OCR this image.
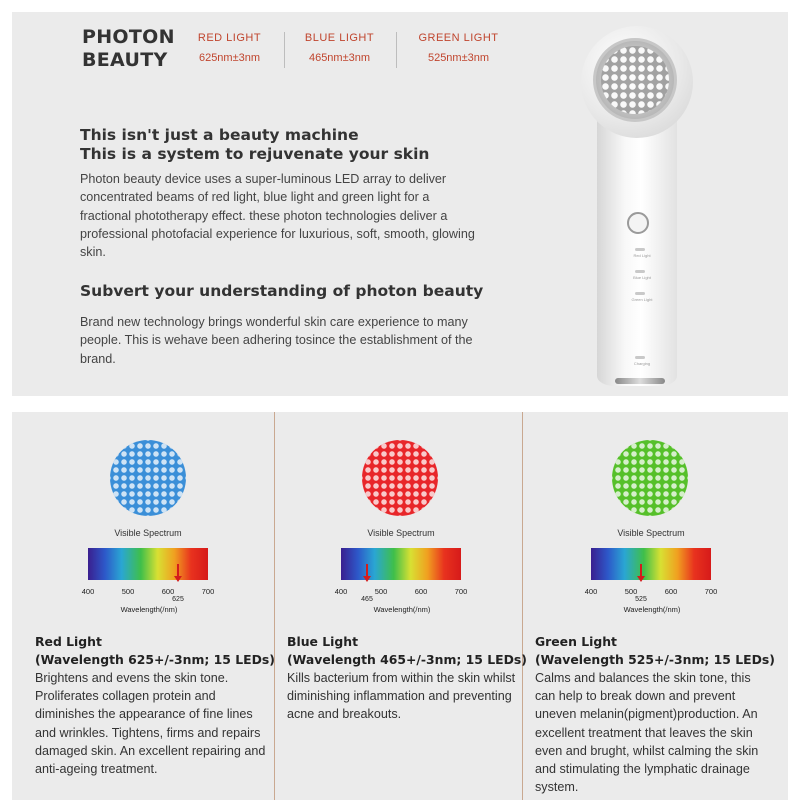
PHOTON
BEAUTY
RED LIGHT
625nm±3nm
BLUE LIGHT
465nm±3nm
GREEN LIGHT
525nm±3nm
This isn't just a beauty machine
This is a system to rejuvenate your skin

Photon beauty device uses a super-luminous LED array to deliver concentrated beams of red light, blue light and green light for a fractional phototherapy effect. these photon technologies deliver a professional photofacial experience for luxurious, soft, smooth, glowing skin.

Subvert your understanding of photon beauty

Brand new technology brings wonderful skin care experience to many people. This is wehave been adhering tosince the establishment of the brand.

Red Light
Blue Light
Green Light
Charging
Visible Spectrum
400	500	600	700
Wavelength(/nm)
Red Light
(Wavelength 625+/-3nm; 15 LEDs)

Brightens and evens the skin tone. Proliferates collagen protein and diminishes the appearance of fine lines and wrinkles. Tightens, firms and repairs damaged skin. An excellent repairing and anti-ageing treatment.

Visible Spectrum
400	500	600	700
Wavelength(/nm)
Blue Light
(Wavelength 465+/-3nm; 15 LEDs)

Kills bacterium from within the skin whilst diminishing inflammation and preventing acne and breakouts.

Visible Spectrum
400	500	600	700
Wavelength(/nm)
Green Light
(Wavelength 525+/-3nm; 15 LEDs)

Calms and balances the skin tone, this can help to break down and prevent uneven melanin(pigment)production. An excellent treatment that leaves the skin even and brught, whilst calming the skin and stimulating the lymphatic drainage system.

625	465	525
